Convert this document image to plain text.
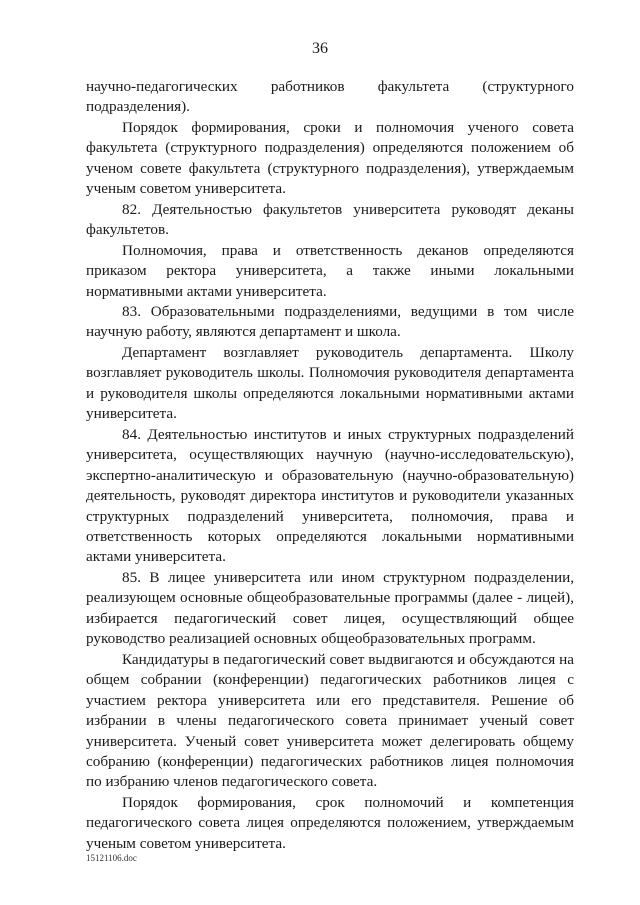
36

научно-педагогических работников факультета (структурного подразделения).

Порядок формирования, сроки и полномочия ученого совета факультета (структурного подразделения) определяются положением об ученом совете факультета (структурного подразделения), утверждаемым ученым советом университета.

82. Деятельностью факультетов университета руководят деканы факультетов.

Полномочия, права и ответственность деканов определяются приказом ректора университета, а также иными локальными нормативными актами университета.

83. Образовательными подразделениями, ведущими в том числе научную работу, являются департамент и школа.

Департамент возглавляет руководитель департамента. Школу возглавляет руководитель школы. Полномочия руководителя департамента и руководителя школы определяются локальными нормативными актами университета.

84. Деятельностью институтов и иных структурных подразделений университета, осуществляющих научную (научно-исследовательскую), экспертно-аналитическую и образовательную (научно-образовательную) деятельность, руководят директора институтов и руководители указанных структурных подразделений университета, полномочия, права и ответственность которых определяются локальными нормативными актами университета.

85. В лицее университета или ином структурном подразделении, реализующем основные общеобразовательные программы (далее - лицей), избирается педагогический совет лицея, осуществляющий общее руководство реализацией основных общеобразовательных программ.

Кандидатуры в педагогический совет выдвигаются и обсуждаются на общем собрании (конференции) педагогических работников лицея с участием ректора университета или его представителя. Решение об избрании в члены педагогического совета принимает ученый совет университета. Ученый совет университета может делегировать общему собранию (конференции) педагогических работников лицея полномочия по избранию членов педагогического совета.

Порядок формирования, срок полномочий и компетенция педагогического совета лицея определяются положением, утверждаемым ученым советом университета.

15121106.doc
